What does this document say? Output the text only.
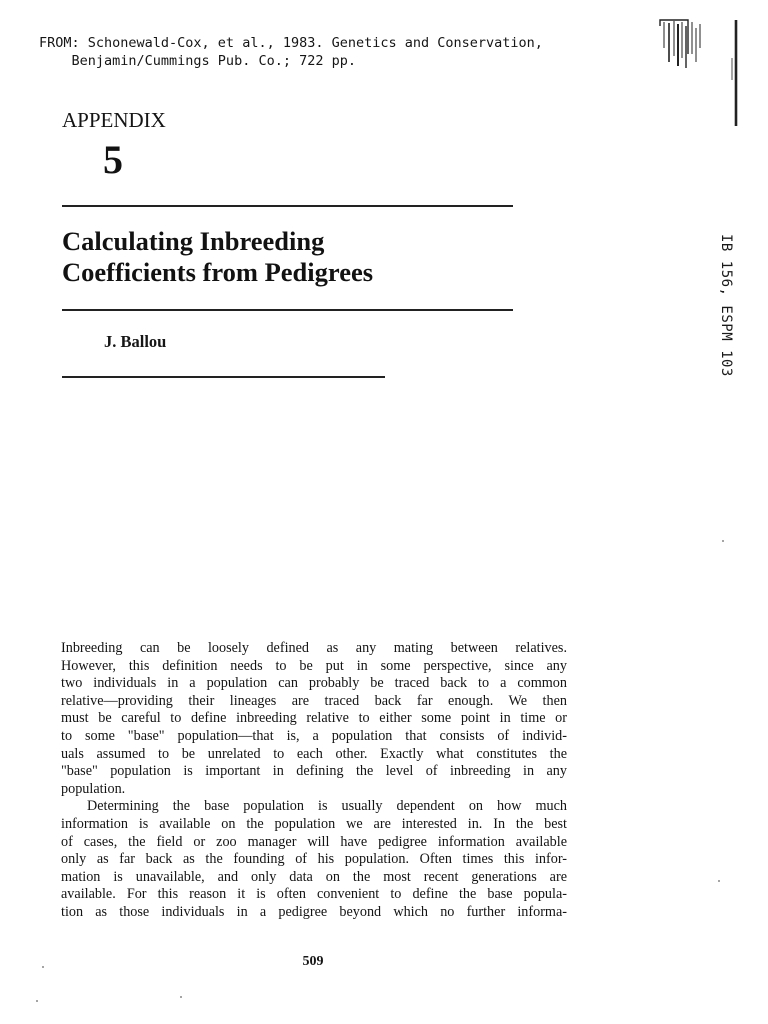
FROM: Schonewald-Cox, et al., 1983. Genetics and Conservation,
Benjamin/Cummings Pub. Co.; 722 pp.
APPENDIX
5
Calculating Inbreeding
Coefficients from Pedigrees
J. Ballou	IB 156, ESPM 103
Inbreeding can be loosely defined as any mating between relatives.
However, this definition needs to be put in some perspective, since any
two individuals in a population can probably be traced back to a common
relative—providing their lineages are traced back far enough. We then
must be careful to define inbreeding relative to either some point in time or
to some "base" population—that is, a population that consists of individ-
uals assumed to be unrelated to each other. Exactly what constitutes the
"base" population is important in defining the level of inbreeding in any
population.
Determining the base population is usually dependent on how much
information is available on the population we are interested in. In the best
of cases, the field or zoo manager will have pedigree information available
only as far back as the founding of his population. Often times this infor-
mation is unavailable, and only data on the most recent generations are
available. For this reason it is often convenient to define the base popula-
tion as those individuals in a pedigree beyond which no further informa-
509
